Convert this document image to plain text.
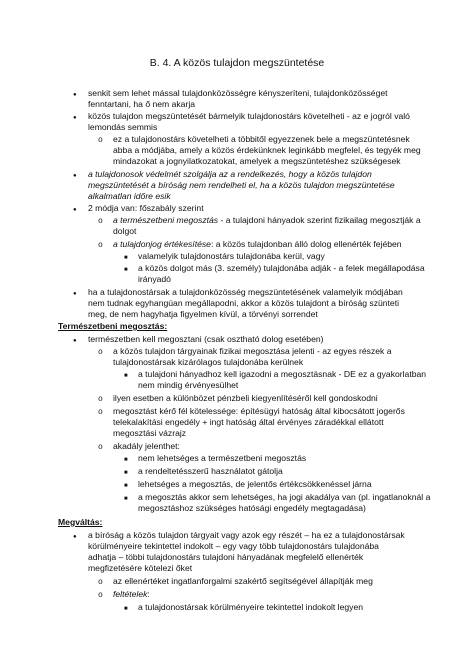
B. 4. A közös tulajdon megszüntetése
●
senkit sem lehet mással tulajdonközösségre kényszeríteni, tulajdonközösséget
fenntartani, ha ő nem akarja
●
közös tulajdon megszüntetését bármelyik tulajdonostárs követelheti - az e jogról való
lemondás semmis
o
ez a tulajdonostárs követelheti a többitől egyezzenek bele a megszüntetésnek
abba a módjába, amely a közös érdekünknek leginkább megfelel, és tegyék meg
mindazokat a jognyilatkozatokat, amelyek a megszüntetéshez szükségesek
●
a tulajdonosok védelmét szolgálja az a rendelkezés, hogy a közös tulajdon
megszüntetését a bíróság nem rendelheti el, ha a közös tulajdon megszüntetése
alkalmatlan időre esik
●
2 módja van: főszabály szerint
o
a természetbeni megosztás - a tulajdoni hányadok szerint fizikailag megosztják a
dolgot
o
a tulajdonjog értékesítése: a közös tulajdonban álló dolog ellenérték fejében
■
valamelyik tulajdonostárs tulajdonába kerül, vagy
■
a közös dolgot más (3. személy) tulajdonába adják - a felek megállapodása
irányadó
●
ha a tulajdonostársak a tulajdonközösség megszüntetésének valamelyik módjában
nem tudnak egyhangúan megállapodni, akkor a közös tulajdont a bíróság szünteti
meg, de nem hagyhatja figyelmen kívül, a törvényi sorrendet
Természetbeni megosztás:
●
természetben kell megosztani (csak osztható dolog esetében)
o
a közös tulajdon tárgyainak fizikai megosztása jelenti - az egyes részek a
tulajdonostársak kizárólagos tulajdonába kerülnek
■
a tulajdoni hányadhoz kell igazodni a megosztásnak - DE ez a gyakorlatban
nem mindig érvényesülhet
o
ilyen esetben a különbözet pénzbeli kiegyenlítéséről kell gondoskodni
o
megosztást kérő fél kötelessége: építésügyi hatóság által kibocsátott jogerős
telekalakítási engedély + ingt hatóság által érvényes záradékkal ellátott
megosztási vázrajz
o
akadály jelenthet:
■
nem lehetséges a természetbeni megosztás
■
a rendeltetésszerű használatot gátolja
■
lehetséges a megosztás, de jelentős értékcsökkenéssel járna
■
a megosztás akkor sem lehetséges, ha jogi akadálya van (pl. ingatlanoknál a
megosztáshoz szükséges hatósági engedély megtagadása)
Megváltás:
●
a bíróság a közös tulajdon tárgyait vagy azok egy részét – ha ez a tulajdonostársak
körülményeire tekintettel indokolt – egy vagy több tulajdonostárs tulajdonába
adhatja – többi tulajdonostárs tulajdoni hányadának megfelelő ellenérték
megfizetésére kötelezi őket
o
az ellenértéket ingatlanforgalmi szakértő segítségével állapítják meg
o
feltételek:
■
a tulajdonostársak körülményeire tekintettel indokolt legyen
